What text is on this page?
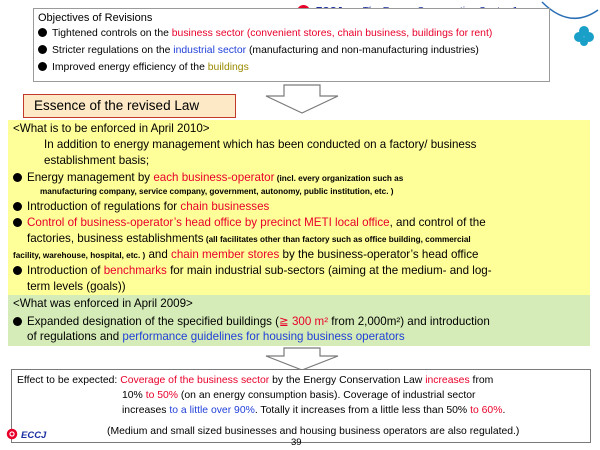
Objectives of Revisions
Tightened controls on the business sector (convenient stores, chain business, buildings for rent)
Stricter regulations on the industrial sector (manufacturing and non-manufacturing industries)
Improved energy efficiency of the buildings
Essence of the revised Law
<What is to be enforced in April 2010>
In addition to energy management which has been conducted on a factory/ business
establishment basis;
Energy management by each business-operator (incl. every organization such as
manufacturing company, service company, government, autonomy, public institution, etc. )
Introduction of regulations for chain businesses
Control of business-operator’s head office by precinct METI local office, and control of the
factories, business establishments (all facilitates other than factory such as office building, commercial
facility, warehouse, hospital, etc. ) and chain member stores by the business-operator’s head office
Introduction of benchmarks for main industrial sub-sectors (aiming at the medium- and log-
term levels (goals))
<What was enforced in April 2009>
Expanded designation of the specified buildings (≧ 300 m² from 2,000m²) and introduction
of regulations and performance guidelines for housing business operators
Effect to be expected: Coverage of the business sector by the Energy Conservation Law increases from
10% to 50% (on an energy consumption basis). Coverage of industrial sector
increases to a little over 90%. Totally it increases from a little less than 50% to 60%.
(Medium and small sized businesses and housing business operators are also regulated.)
ECCJ
39
